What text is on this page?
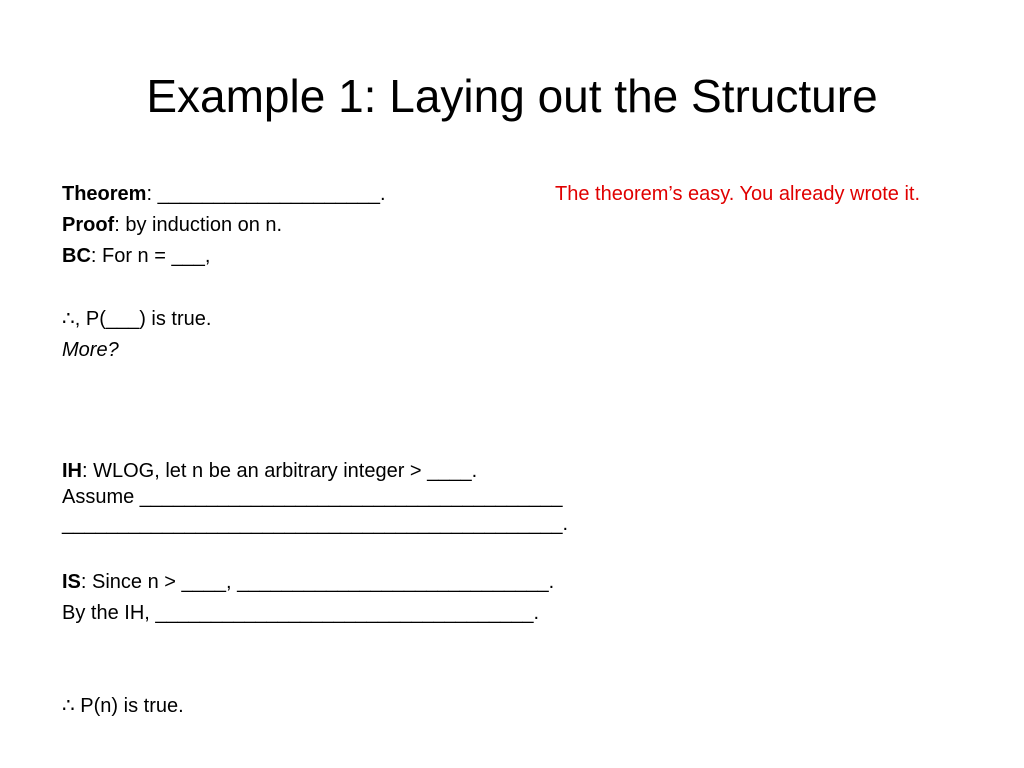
Example 1: Laying out the Structure
The theorem’s easy. You already wrote it.
Theorem: ____________________.
Proof: by induction on n.
BC: For n = ___,
∴, P(___) is true.
More?
IH: WLOG, let n be an arbitrary integer > ____.
Assume ______________________________________
_____________________________________________.
IS: Since n > ____, ____________________________.
By the IH, __________________________________.
∴ P(n) is true.
